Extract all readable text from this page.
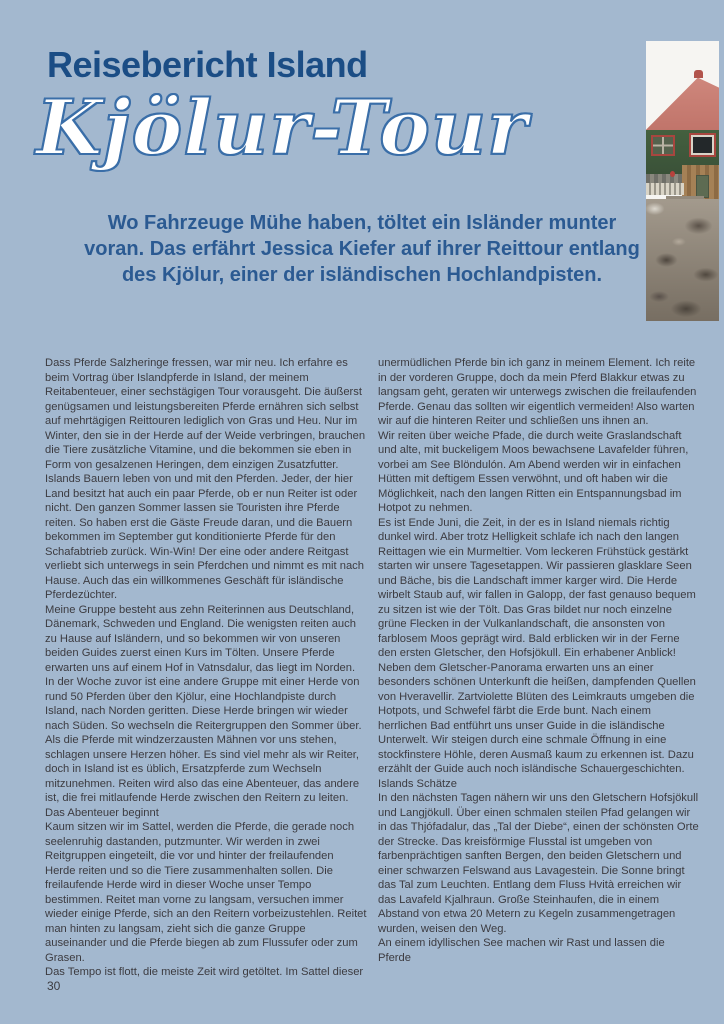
Reisebericht Island
Kjölur-Tour
Wo Fahrzeuge Mühe haben, töltet ein Isländer munter
voran. Das erfährt Jessica Kiefer auf ihrer Reittour entlang
des Kjölur, einer der isländischen Hochlandpisten.

Dass Pferde Salzheringe fressen, war mir neu. Ich erfahre es beim Vortrag über Islandpferde in Island, der meinem Reitabenteuer, einer sechstägigen Tour vorausgeht. Die äußerst genügsamen und leistungsbereiten Pferde ernähren sich selbst auf mehrtägigen Reittouren lediglich von Gras und Heu. Nur im Winter, den sie in der Herde auf der Weide verbringen, brauchen die Tiere zusätzliche Vitamine, und die bekommen sie eben in Form von gesalzenen Heringen, dem einzigen Zusatzfutter.

Islands Bauern leben von und mit den Pferden. Jeder, der hier Land besitzt hat auch ein paar Pferde, ob er nun Reiter ist oder nicht. Den ganzen Sommer lassen sie Touristen ihre Pferde reiten. So haben erst die Gäste Freude daran, und die Bauern bekommen im September gut konditionierte Pferde für den Schafabtrieb zurück. Win-Win! Der eine oder andere Reitgast verliebt sich unterwegs in sein Pferdchen und nimmt es mit nach Hause. Auch das ein willkommenes Geschäft für isländische Pferdezüchter.

Meine Gruppe besteht aus zehn Reiterinnen aus Deutschland, Dänemark, Schweden und England. Die wenigsten reiten auch zu Hause auf Isländern, und so bekommen wir von unseren beiden Guides zuerst einen Kurs im Tölten. Unsere Pferde erwarten uns auf einem Hof in Vatnsdalur, das liegt im Norden. In der Woche zuvor ist eine andere Gruppe mit einer Herde von rund 50 Pferden über den Kjölur, eine Hochlandpiste durch Island, nach Norden geritten. Diese Herde bringen wir wieder nach Süden. So wechseln die Reitergruppen den Sommer über.

Als die Pferde mit windzerzausten Mähnen vor uns stehen, schlagen unsere Herzen höher. Es sind viel mehr als wir Reiter, doch in Island ist es üblich, Ersatzpferde zum Wechseln mitzunehmen. Reiten wird also das eine Abenteuer, das andere ist, die frei mitlaufende Herde zwischen den Reitern zu leiten.

Das Abenteuer beginnt

Kaum sitzen wir im Sattel, werden die Pferde, die gerade noch seelenruhig dastanden, putzmunter. Wir werden in zwei Reitgruppen eingeteilt, die vor und hinter der freilaufenden Herde reiten und so die Tiere zusammenhalten sollen. Die freilaufende Herde wird in dieser Woche unser Tempo bestimmen. Reitet man vorne zu langsam, versuchen immer wieder einige Pferde, sich an den Reitern vorbeizustehlen. Reitet man hinten zu langsam, zieht sich die ganze Gruppe auseinander und die Pferde biegen ab zum Flussufer oder zum Grasen.

Das Tempo ist flott, die meiste Zeit wird getöltet. Im Sattel dieser

unermüdlichen Pferde bin ich ganz in meinem Element. Ich reite in der vorderen Gruppe, doch da mein Pferd Blakkur etwas zu langsam geht, geraten wir unterwegs zwischen die freilaufenden Pferde. Genau das sollten wir eigentlich vermeiden! Also warten wir auf die hinteren Reiter und schließen uns ihnen an.

Wir reiten über weiche Pfade, die durch weite Graslandschaft und alte, mit buckeligem Moos bewachsene Lavafelder führen, vorbei am See Blöndulón. Am Abend werden wir in einfachen Hütten mit deftigem Essen verwöhnt, und oft haben wir die Möglichkeit, nach den langen Ritten ein Entspannungsbad im Hotpot zu nehmen.

Es ist Ende Juni, die Zeit, in der es in Island niemals richtig dunkel wird. Aber trotz Helligkeit schlafe ich nach den langen Reittagen wie ein Murmeltier. Vom leckeren Frühstück gestärkt starten wir unsere Tagesetappen. Wir passieren glasklare Seen und Bäche, bis die Landschaft immer karger wird. Die Herde wirbelt Staub auf, wir fallen in Galopp, der fast genauso bequem zu sitzen ist wie der Tölt. Das Gras bildet nur noch einzelne grüne Flecken in der Vulkanlandschaft, die ansonsten von farblosem Moos geprägt wird. Bald erblicken wir in der Ferne den ersten Gletscher, den Hofsjökull. Ein erhabener Anblick!

Neben dem Gletscher-Panorama erwarten uns an einer besonders schönen Unterkunft die heißen, dampfenden Quellen von Hveravellir. Zartviolette Blüten des Leimkrauts umgeben die Hotpots, und Schwefel färbt die Erde bunt. Nach einem herrlichen Bad entführt uns unser Guide in die isländische Unterwelt. Wir steigen durch eine schmale Öffnung in eine stockfinstere Höhle, deren Ausmaß kaum zu erkennen ist. Dazu erzählt der Guide auch noch isländische Schauergeschichten.

Islands Schätze

In den nächsten Tagen nähern wir uns den Gletschern Hofsjökull und Langjökull. Über einen schmalen steilen Pfad gelangen wir in das Thjófadalur, das „Tal der Diebe“, einen der schönsten Orte der Strecke. Das kreisförmige Flusstal ist umgeben von farbenprächtigen sanften Bergen, den beiden Gletschern und einer schwarzen Felswand aus Lavagestein. Die Sonne bringt das Tal zum Leuchten. Entlang dem Fluss Hvità erreichen wir das Lavafeld Kjalhraun. Große Steinhaufen, die in einem Abstand von etwa 20 Metern zu Kegeln zusammengetragen wurden, weisen den Weg.

An einem idyllischen See machen wir Rast und lassen die Pferde

30
